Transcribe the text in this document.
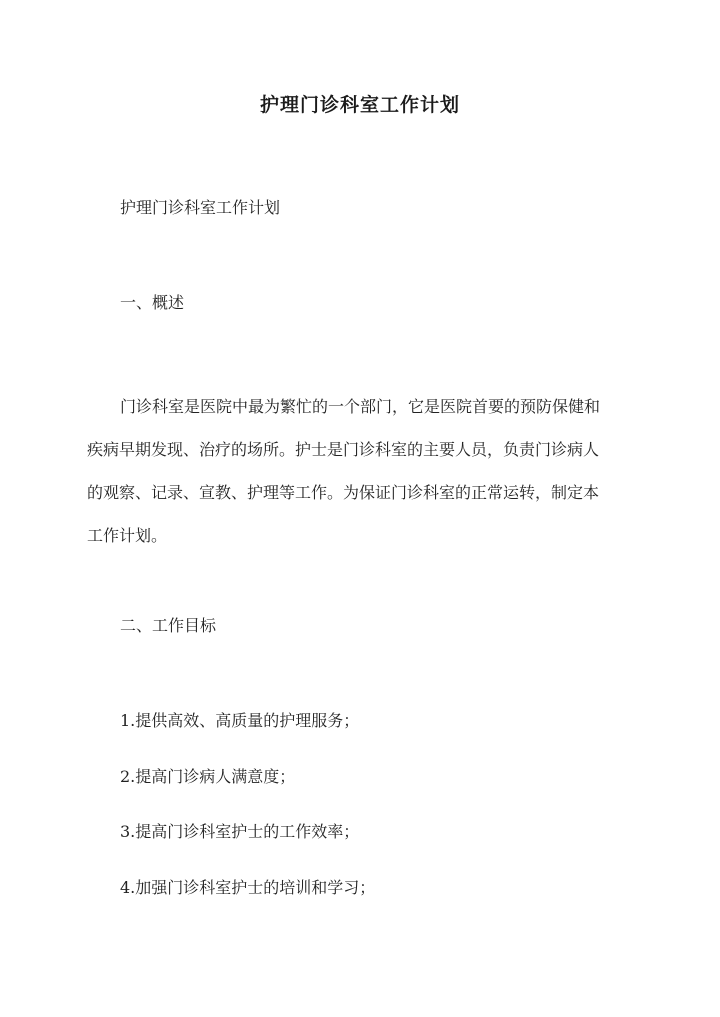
护理门诊科室工作计划
护理门诊科室工作计划
一、概述
门诊科室是医院中最为繁忙的一个部门，它是医院首要的预防保健和
疾病早期发现、治疗的场所。护士是门诊科室的主要人员，负责门诊病人
的观察、记录、宣教、护理等工作。为保证门诊科室的正常运转，制定本
工作计划。
二、工作目标
1.提供高效、高质量的护理服务；
2.提高门诊病人满意度；
3.提高门诊科室护士的工作效率；
4.加强门诊科室护士的培训和学习；
